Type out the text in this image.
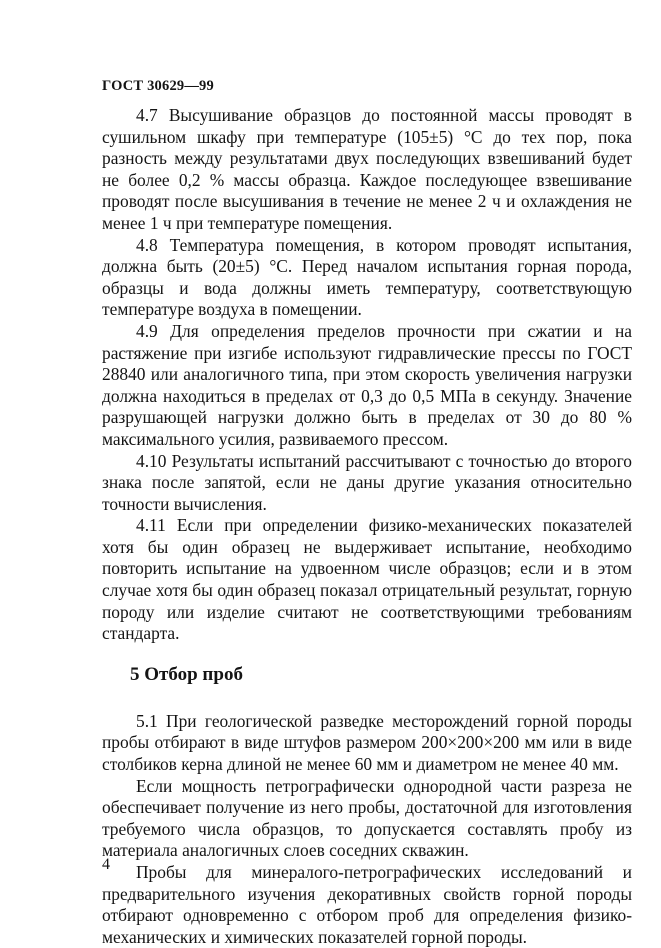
ГОСТ 30629—99

4.7 Высушивание образцов до постоянной массы проводят в сушильном шкафу при температуре (105±5) °С до тех пор, пока разность между результатами двух последующих взвешиваний будет не более 0,2 % массы образца. Каждое последующее взвешивание проводят после высушивания в течение не менее 2 ч и охлаждения не менее 1 ч при температуре помещения.

4.8 Температура помещения, в котором проводят испытания, должна быть (20±5) °С. Перед началом испытания горная порода, образцы и вода должны иметь температуру, соответствующую температуре воздуха в помещении.

4.9 Для определения пределов прочности при сжатии и на растяжение при изгибе используют гидравлические прессы по ГОСТ 28840 или аналогичного типа, при этом скорость увеличения нагрузки должна находиться в пределах от 0,3 до 0,5 МПа в секунду. Значение разрушающей нагрузки должно быть в пределах от 30 до 80 % максимального усилия, развиваемого прессом.

4.10 Результаты испытаний рассчитывают с точностью до второго знака после запятой, если не даны другие указания относительно точности вычисления.

4.11 Если при определении физико-механических показателей хотя бы один образец не выдерживает испытание, необходимо повторить испытание на удвоенном числе образцов; если и в этом случае хотя бы один образец показал отрицательный результат, горную породу или изделие считают не соответствующими требованиям стандарта.

5 Отбор проб

5.1 При геологической разведке месторождений горной породы пробы отбирают в виде штуфов размером 200×200×200 мм или в виде столбиков керна длиной не менее 60 мм и диаметром не менее 40 мм.

Если мощность петрографически однородной части разреза не обеспечивает получение из него пробы, достаточной для изготовления требуемого числа образцов, то допускается составлять пробу из материала аналогичных слоев соседних скважин.

Пробы для минералого-петрографических исследований и предварительного изучения декоративных свойств горной породы отбирают одновременно с отбором проб для определения физико-механических и химических показателей горной породы.

4
